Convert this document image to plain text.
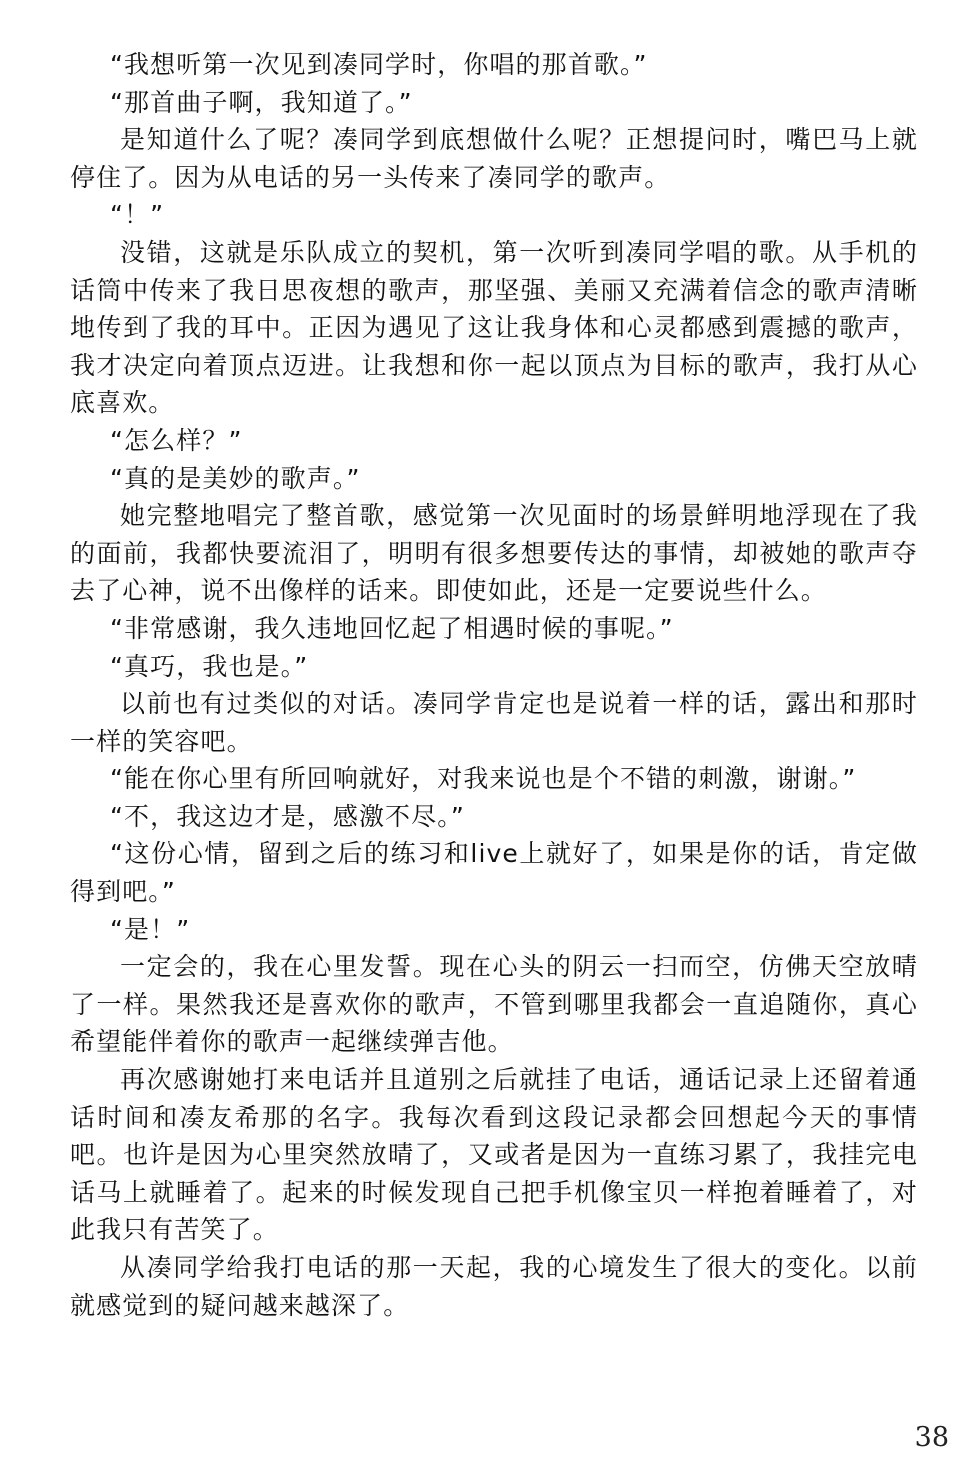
“我想听第一次见到凑同学时，你唱的那首歌。”

“那首曲子啊，我知道了。”

是知道什么了呢？凑同学到底想做什么呢？正想提问时，嘴巴马上就停住了。因为从电话的另一头传来了凑同学的歌声。

“！”

没错，这就是乐队成立的契机，第一次听到凑同学唱的歌。从手机的话筒中传来了我日思夜想的歌声，那坚强、美丽又充满着信念的歌声清晰地传到了我的耳中。正因为遇见了这让我身体和心灵都感到震撼的歌声，我才决定向着顶点迈进。让我想和你一起以顶点为目标的歌声，我打从心底喜欢。

“怎么样？”

“真的是美妙的歌声。”

她完整地唱完了整首歌，感觉第一次见面时的场景鲜明地浮现在了我的面前，我都快要流泪了，明明有很多想要传达的事情，却被她的歌声夺去了心神，说不出像样的话来。即使如此，还是一定要说些什么。

“非常感谢，我久违地回忆起了相遇时候的事呢。”

“真巧，我也是。”

以前也有过类似的对话。凑同学肯定也是说着一样的话，露出和那时一样的笑容吧。

“能在你心里有所回响就好，对我来说也是个不错的刺激，谢谢。”

“不，我这边才是，感激不尽。”

“这份心情，留到之后的练习和live上就好了，如果是你的话，肯定做得到吧。”

“是！”

一定会的，我在心里发誓。现在心头的阴云一扫而空，仿佛天空放晴了一样。果然我还是喜欢你的歌声，不管到哪里我都会一直追随你，真心希望能伴着你的歌声一起继续弹吉他。

再次感谢她打来电话并且道别之后就挂了电话，通话记录上还留着通话时间和凑友希那的名字。我每次看到这段记录都会回想起今天的事情吧。也许是因为心里突然放晴了，又或者是因为一直练习累了，我挂完电话马上就睡着了。起来的时候发现自己把手机像宝贝一样抱着睡着了，对此我只有苦笑了。

从凑同学给我打电话的那一天起，我的心境发生了很大的变化。以前就感觉到的疑问越来越深了。

38
